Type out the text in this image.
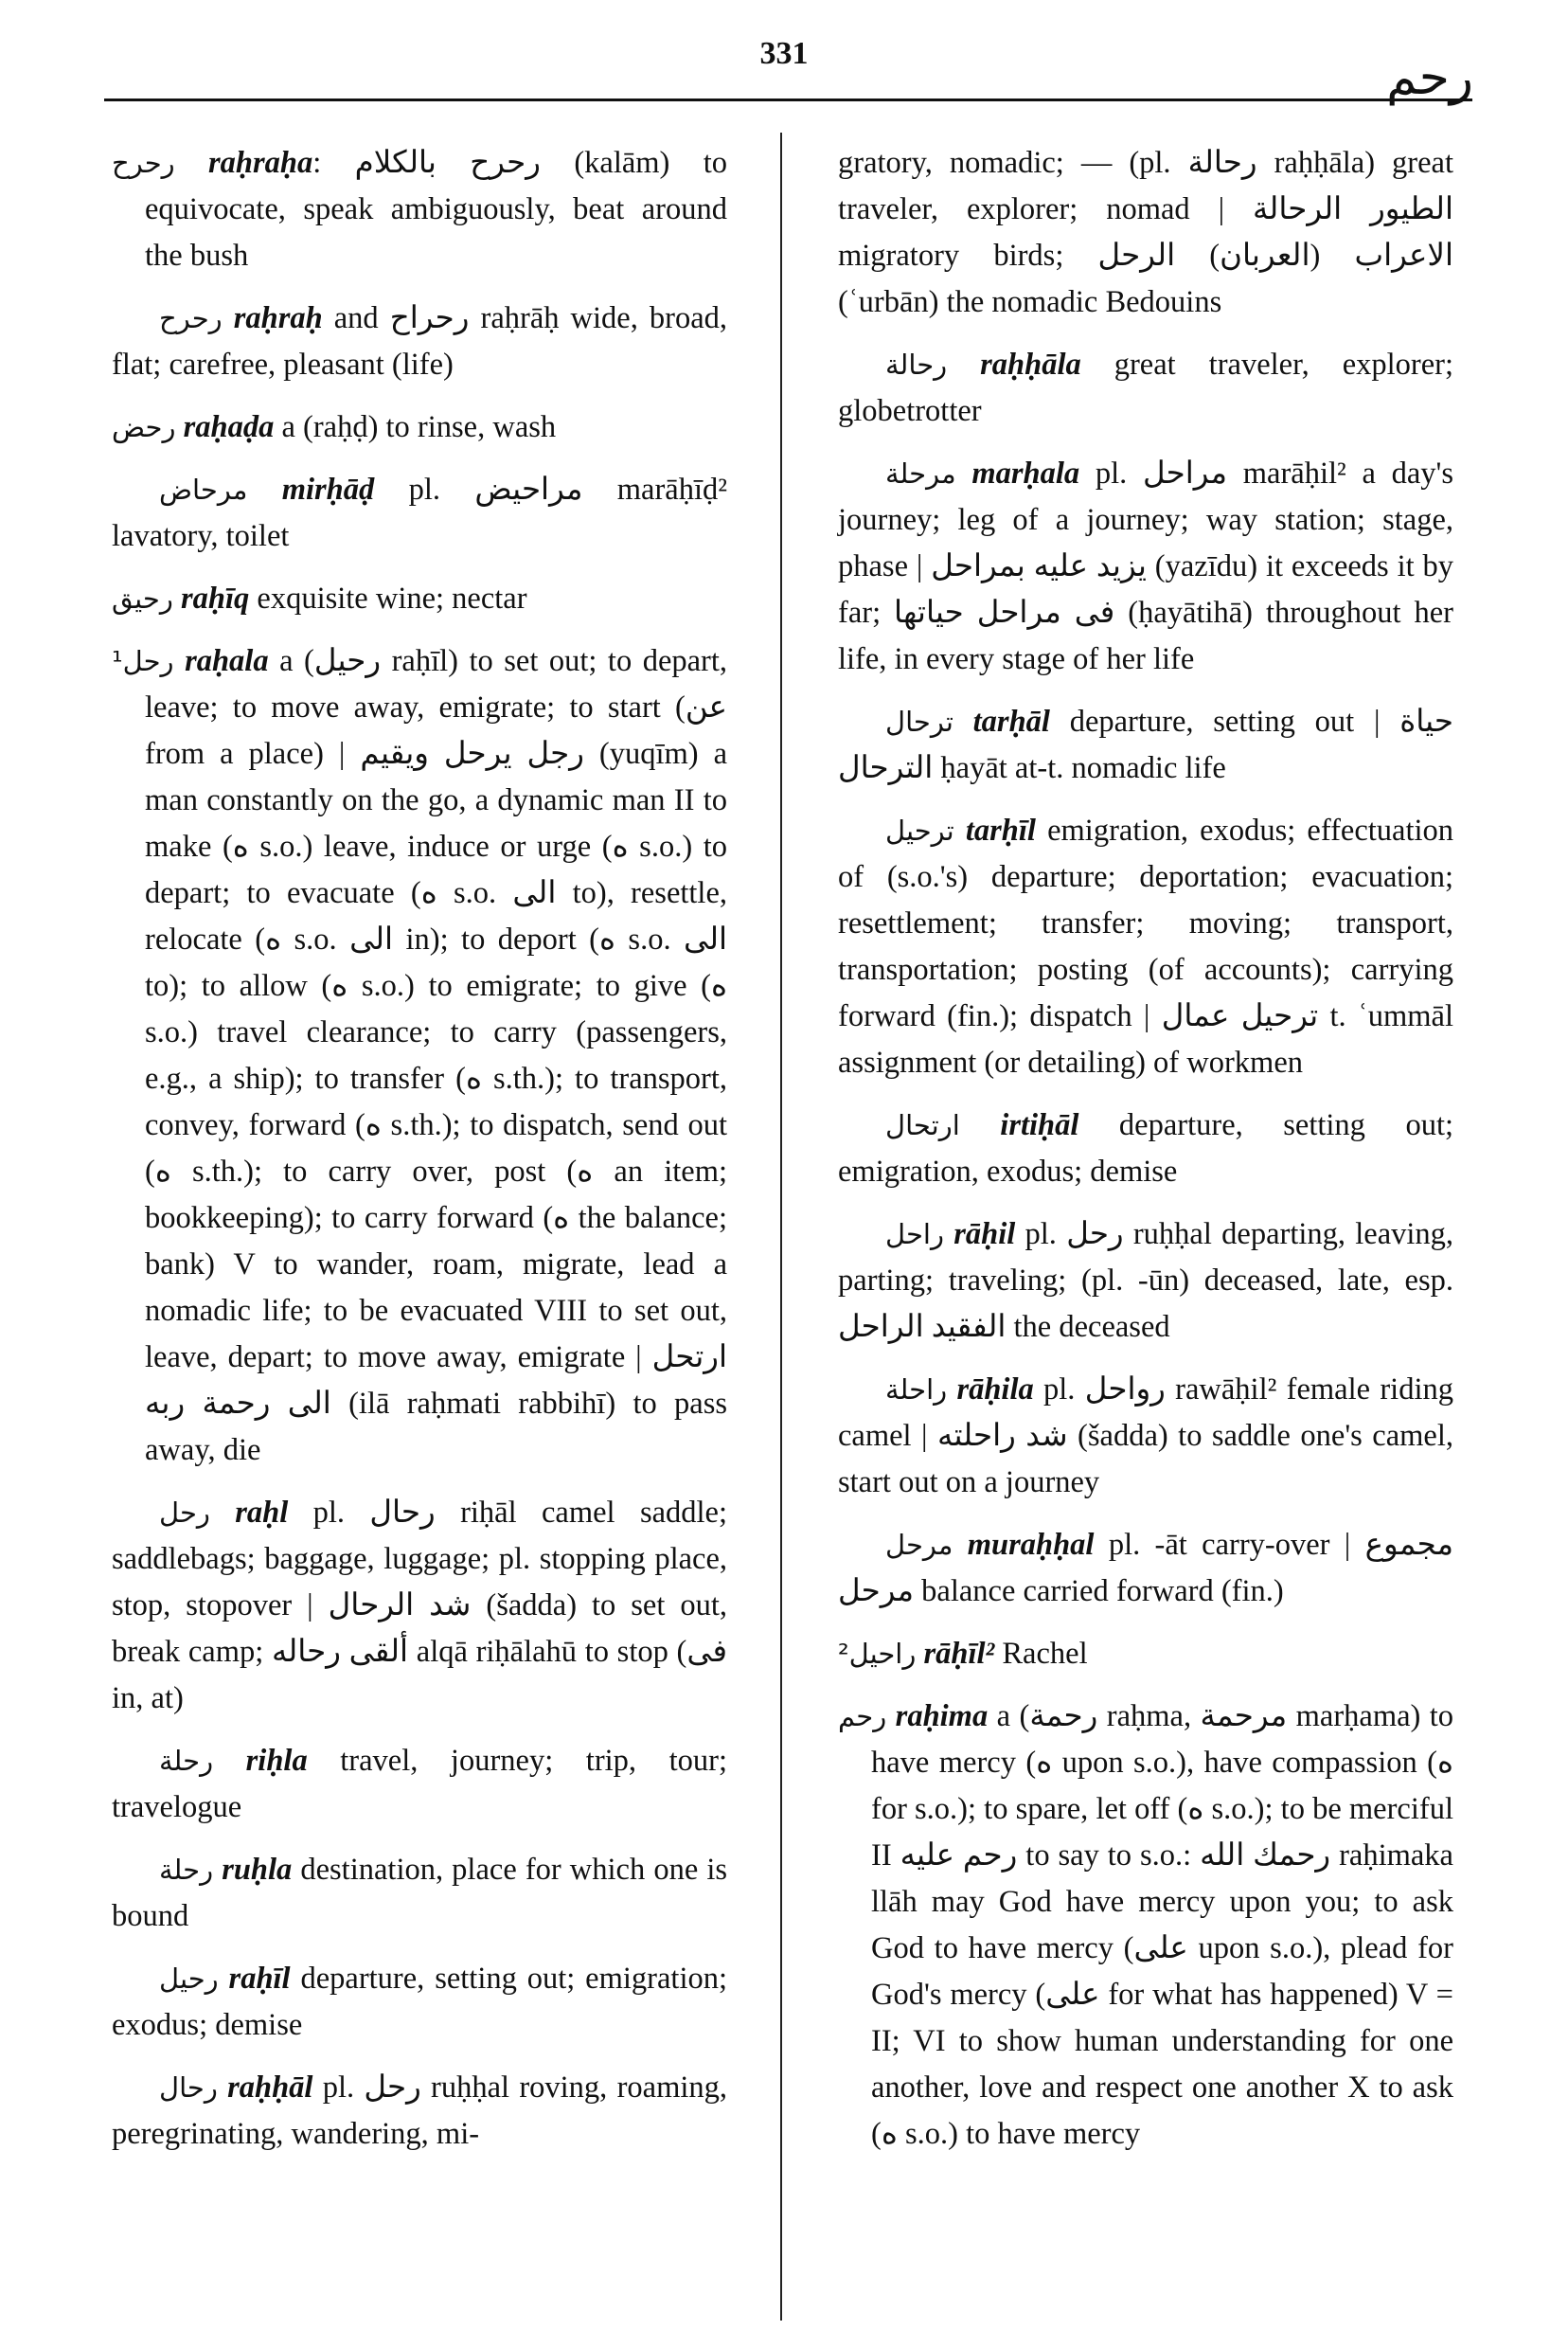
331	رحم

رحرح raḥraḥa: رحرح بالكلام (kalām) to equivocate, speak ambiguously, beat around the bush

رحرح raḥraḥ and رحراح raḥrāḥ wide, broad, flat; carefree, pleasant (life)

رحض raḥaḍa a (raḥḍ) to rinse, wash

مرحاض mirḥāḍ pl. مراحيض marāḥīḍ² lavatory, toilet

رحيق raḥīq exquisite wine; nectar

¹رحل raḥala a (رحيل raḥīl) to set out; to depart, leave; to move away, emigrate; to start (عن from a place) | رجل يرحل ويقيم (yuqīm) a man constantly on the go, a dynamic man II to make (ه s.o.) leave, induce or urge (ه s.o.) to depart; to evacuate (ه s.o. الى to), resettle, relocate (ه s.o. الى in); to deport (ه s.o. الى to); to allow (ه s.o.) to emigrate; to give (ه s.o.) travel clearance; to carry (passengers, e.g., a ship); to transfer (ه s.th.); to transport, convey, forward (ه s.th.); to dispatch, send out (ه s.th.); to carry over, post (ه an item; bookkeeping); to carry forward (ه the balance; bank) V to wander, roam, migrate, lead a nomadic life; to be evacuated VIII to set out, leave, depart; to move away, emigrate | ارتحل الى رحمة ربه (ilā raḥmati rabbihī) to pass away, die

رحل raḥl pl. رحال riḥāl camel saddle; saddlebags; baggage, luggage; pl. stopping place, stop, stopover | شد الرحال (šadda) to set out, break camp; ألقى رحاله alqā riḥālahū to stop (فى in, at)

رحلة riḥla travel, journey; trip, tour; travelogue

رحلة ruḥla destination, place for which one is bound

رحيل raḥīl departure, setting out; emigration; exodus; demise

رحال raḥḥāl pl. رحل ruḥḥal roving, roaming, peregrinating, wandering, mi-

gratory, nomadic; — (pl. رحالة raḥḥāla) great traveler, explorer; nomad | الطيور الرحالة migratory birds; الاعراب (العربان) الرحل (ʿurbān) the nomadic Bedouins

رحالة raḥḥāla great traveler, explorer; globetrotter

مرحلة marḥala pl. مراحل marāḥil² a day's journey; leg of a journey; way station; stage, phase | يزيد عليه بمراحل (yazīdu) it exceeds it by far; فى مراحل حياتها (ḥayātihā) throughout her life, in every stage of her life

ترحال tarḥāl departure, setting out | حياة الترحال ḥayāt at-t. nomadic life

ترحيل tarḥīl emigration, exodus; effectuation of (s.o.'s) departure; deportation; evacuation; resettlement; transfer; moving; transport, transportation; posting (of accounts); carrying forward (fin.); dispatch | ترحيل عمال t. ʿummāl assignment (or detailing) of workmen

ارتحال irtiḥāl departure, setting out; emigration, exodus; demise

راحل rāḥil pl. رحل ruḥḥal departing, leaving, parting; traveling; (pl. -ūn) deceased, late, esp. الفقيد الراحل the deceased

راحلة rāḥila pl. رواحل rawāḥil² female riding camel | شد راحلته (šadda) to saddle one's camel, start out on a journey

مرحل muraḥḥal pl. -āt carry-over | مجموع مرحل balance carried forward (fin.)

²راحيل rāḥīl² Rachel

رحم raḥima a (رحمة raḥma, مرحمة marḥama) to have mercy (ه upon s.o.), have compassion (ه for s.o.); to spare, let off (ه s.o.); to be merciful II رحم عليه to say to s.o.: رحمك الله raḥimaka llāh may God have mercy upon you; to ask God to have mercy (على upon s.o.), plead for God's mercy (على for what has happened) V = II; VI to show human understanding for one another, love and respect one another X to ask (ه s.o.) to have mercy
